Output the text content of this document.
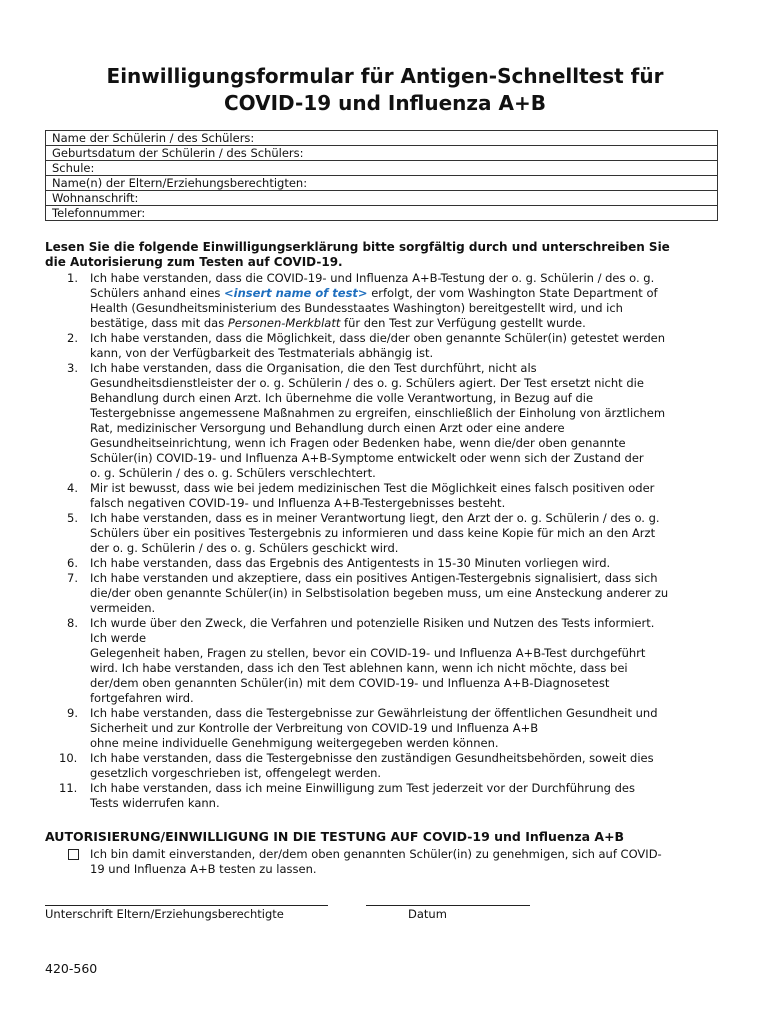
Einwilligungsformular für Antigen-Schnelltest für
COVID-19 und Influenza A+B
Name der Schülerin / des Schülers:
Geburtsdatum der Schülerin / des Schülers:
Schule:
Name(n) der Eltern/Erziehungsberechtigten:
Wohnanschrift:
Telefonnummer:

Lesen Sie die folgende Einwilligungserklärung bitte sorgfältig durch und unterschreiben Sie
die Autorisierung zum Testen auf COVID-19.

1. Ich habe verstanden, dass die COVID-19- und Influenza A+B-Testung der o. g. Schülerin / des o. g.
Schülers anhand eines <insert name of test> erfolgt, der vom Washington State Department of
Health (Gesundheitsministerium des Bundesstaates Washington) bereitgestellt wird, und ich
bestätige, dass mit das Personen-Merkblatt für den Test zur Verfügung gestellt wurde.
2. Ich habe verstanden, dass die Möglichkeit, dass die/der oben genannte Schüler(in) getestet werden
kann, von der Verfügbarkeit des Testmaterials abhängig ist.
3. Ich habe verstanden, dass die Organisation, die den Test durchführt, nicht als
Gesundheitsdienstleister der o. g. Schülerin / des o. g. Schülers agiert. Der Test ersetzt nicht die
Behandlung durch einen Arzt. Ich übernehme die volle Verantwortung, in Bezug auf die
Testergebnisse angemessene Maßnahmen zu ergreifen, einschließlich der Einholung von ärztlichem
Rat, medizinischer Versorgung und Behandlung durch einen Arzt oder eine andere
Gesundheitseinrichtung, wenn ich Fragen oder Bedenken habe, wenn die/der oben genannte
Schüler(in) COVID-19- und Influenza A+B-Symptome entwickelt oder wenn sich der Zustand der
o. g. Schülerin / des o. g. Schülers verschlechtert.
4. Mir ist bewusst, dass wie bei jedem medizinischen Test die Möglichkeit eines falsch positiven oder
falsch negativen COVID-19- und Influenza A+B-Testergebnisses besteht.
5. Ich habe verstanden, dass es in meiner Verantwortung liegt, den Arzt der o. g. Schülerin / des o. g.
Schülers über ein positives Testergebnis zu informieren und dass keine Kopie für mich an den Arzt
der o. g. Schülerin / des o. g. Schülers geschickt wird.
6. Ich habe verstanden, dass das Ergebnis des Antigentests in 15-30 Minuten vorliegen wird.
7. Ich habe verstanden und akzeptiere, dass ein positives Antigen-Testergebnis signalisiert, dass sich
die/der oben genannte Schüler(in) in Selbstisolation begeben muss, um eine Ansteckung anderer zu
vermeiden.
8. Ich wurde über den Zweck, die Verfahren und potenzielle Risiken und Nutzen des Tests informiert.
Ich werde
Gelegenheit haben, Fragen zu stellen, bevor ein COVID-19- und Influenza A+B-Test durchgeführt
wird. Ich habe verstanden, dass ich den Test ablehnen kann, wenn ich nicht möchte, dass bei
der/dem oben genannten Schüler(in) mit dem COVID-19- und Influenza A+B-Diagnosetest
fortgefahren wird.
9. Ich habe verstanden, dass die Testergebnisse zur Gewährleistung der öffentlichen Gesundheit und
Sicherheit und zur Kontrolle der Verbreitung von COVID-19 und Influenza A+B
ohne meine individuelle Genehmigung weitergegeben werden können.
10. Ich habe verstanden, dass die Testergebnisse den zuständigen Gesundheitsbehörden, soweit dies
gesetzlich vorgeschrieben ist, offengelegt werden.
11. Ich habe verstanden, dass ich meine Einwilligung zum Test jederzeit vor der Durchführung des
Tests widerrufen kann.
AUTORISIERUNG/EINWILLIGUNG IN DIE TESTUNG AUF COVID-19 und Influenza A+B
Ich bin damit einverstanden, der/dem oben genannten Schüler(in) zu genehmigen, sich auf COVID-
19 und Influenza A+B testen zu lassen.
Unterschrift Eltern/Erziehungsberechtigte	Datum
420-560
